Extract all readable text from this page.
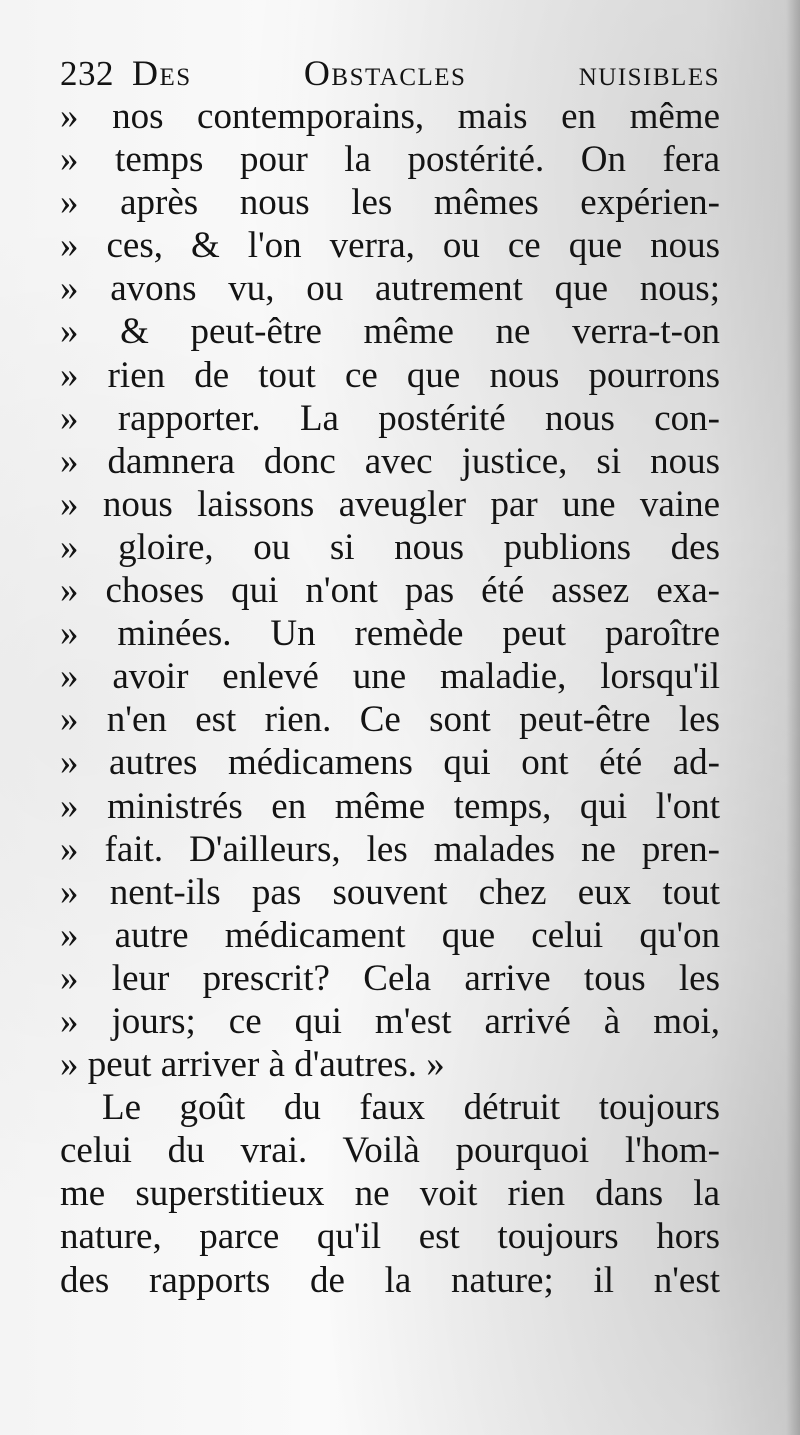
232 Des Obstacles nuisibles
» nos contemporains, mais en même
» temps pour la postérité. On fera
» après nous les mêmes expérien-
» ces, & l'on verra, ou ce que nous
» avons vu, ou autrement que nous;
» & peut-être même ne verra-t-on
» rien de tout ce que nous pourrons
» rapporter. La postérité nous con-
» damnera donc avec justice, si nous
» nous laissons aveugler par une vaine
» gloire, ou si nous publions des
» choses qui n'ont pas été assez exa-
» minées. Un remède peut paroître
» avoir enlevé une maladie, lorsqu'il
» n'en est rien. Ce sont peut-être les
» autres médicamens qui ont été ad-
» ministrés en même temps, qui l'ont
» fait. D'ailleurs, les malades ne pren-
» nent-ils pas souvent chez eux tout
» autre médicament que celui qu'on
» leur prescrit? Cela arrive tous les
» jours; ce qui m'est arrivé à moi,
» peut arriver à d'autres. »
Le goût du faux détruit toujours
celui du vrai. Voilà pourquoi l'hom-
me superstitieux ne voit rien dans la
nature, parce qu'il est toujours hors
des rapports de la nature; il n'est
